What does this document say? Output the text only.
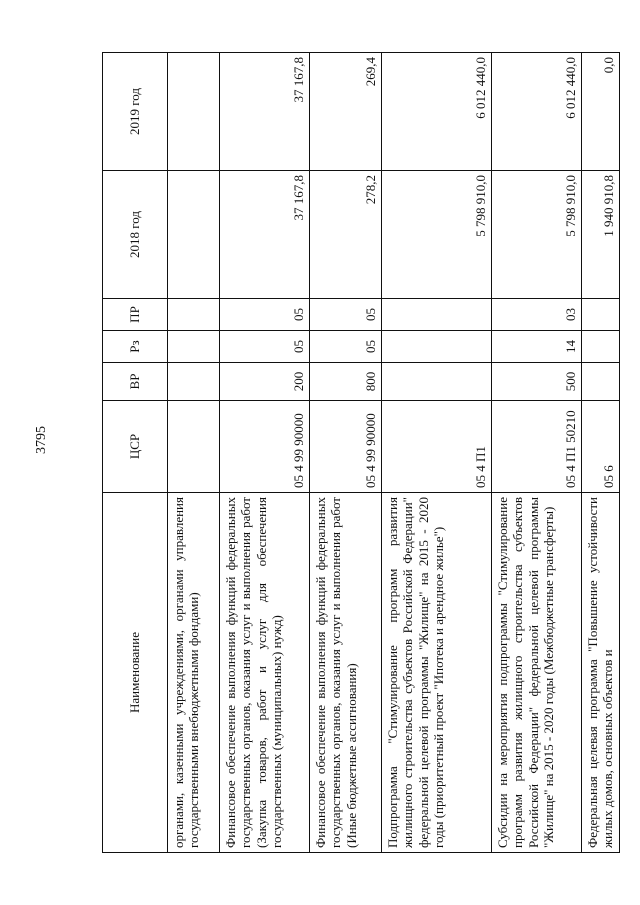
3795
Наименование	ЦСР	ВР	Рз	ПР	2018 год	2019 год
органами, казенными учреждениями, органами управления государственными внебюджетными фондами)						
Финансовое обеспечение выполнения функций федеральных государственных органов, оказания услуг и выполнения работ (Закупка товаров, работ и услуг для обеспечения государственных (муниципальных) нужд)	05 4 99 90000	200	05	05	37 167,8	37 167,8
Финансовое обеспечение выполнения функций федеральных государственных органов, оказания услуг и выполнения работ (Иные бюджетные ассигнования)	05 4 99 90000	800	05	05	278,2	269,4
Подпрограмма "Стимулирование программ развития жилищного строительства субъектов Российской Федерации" федеральной целевой программы "Жилище" на 2015 - 2020 годы (приоритетный проект "Ипотека и арендное жилье")	05 4 П1				5 798 910,0	6 012 440,0
Субсидии на мероприятия подпрограммы "Стимулирование программ развития жилищного строительства субъектов Российской Федерации" федеральной целевой программы "Жилище" на 2015 - 2020 годы (Межбюджетные трансферты)	05 4 П1 50210	500	14	03	5 798 910,0	6 012 440,0
Федеральная целевая программа "Повышение устойчивости жилых домов, основных объектов и	05 6				1 940 910,8	0,0
